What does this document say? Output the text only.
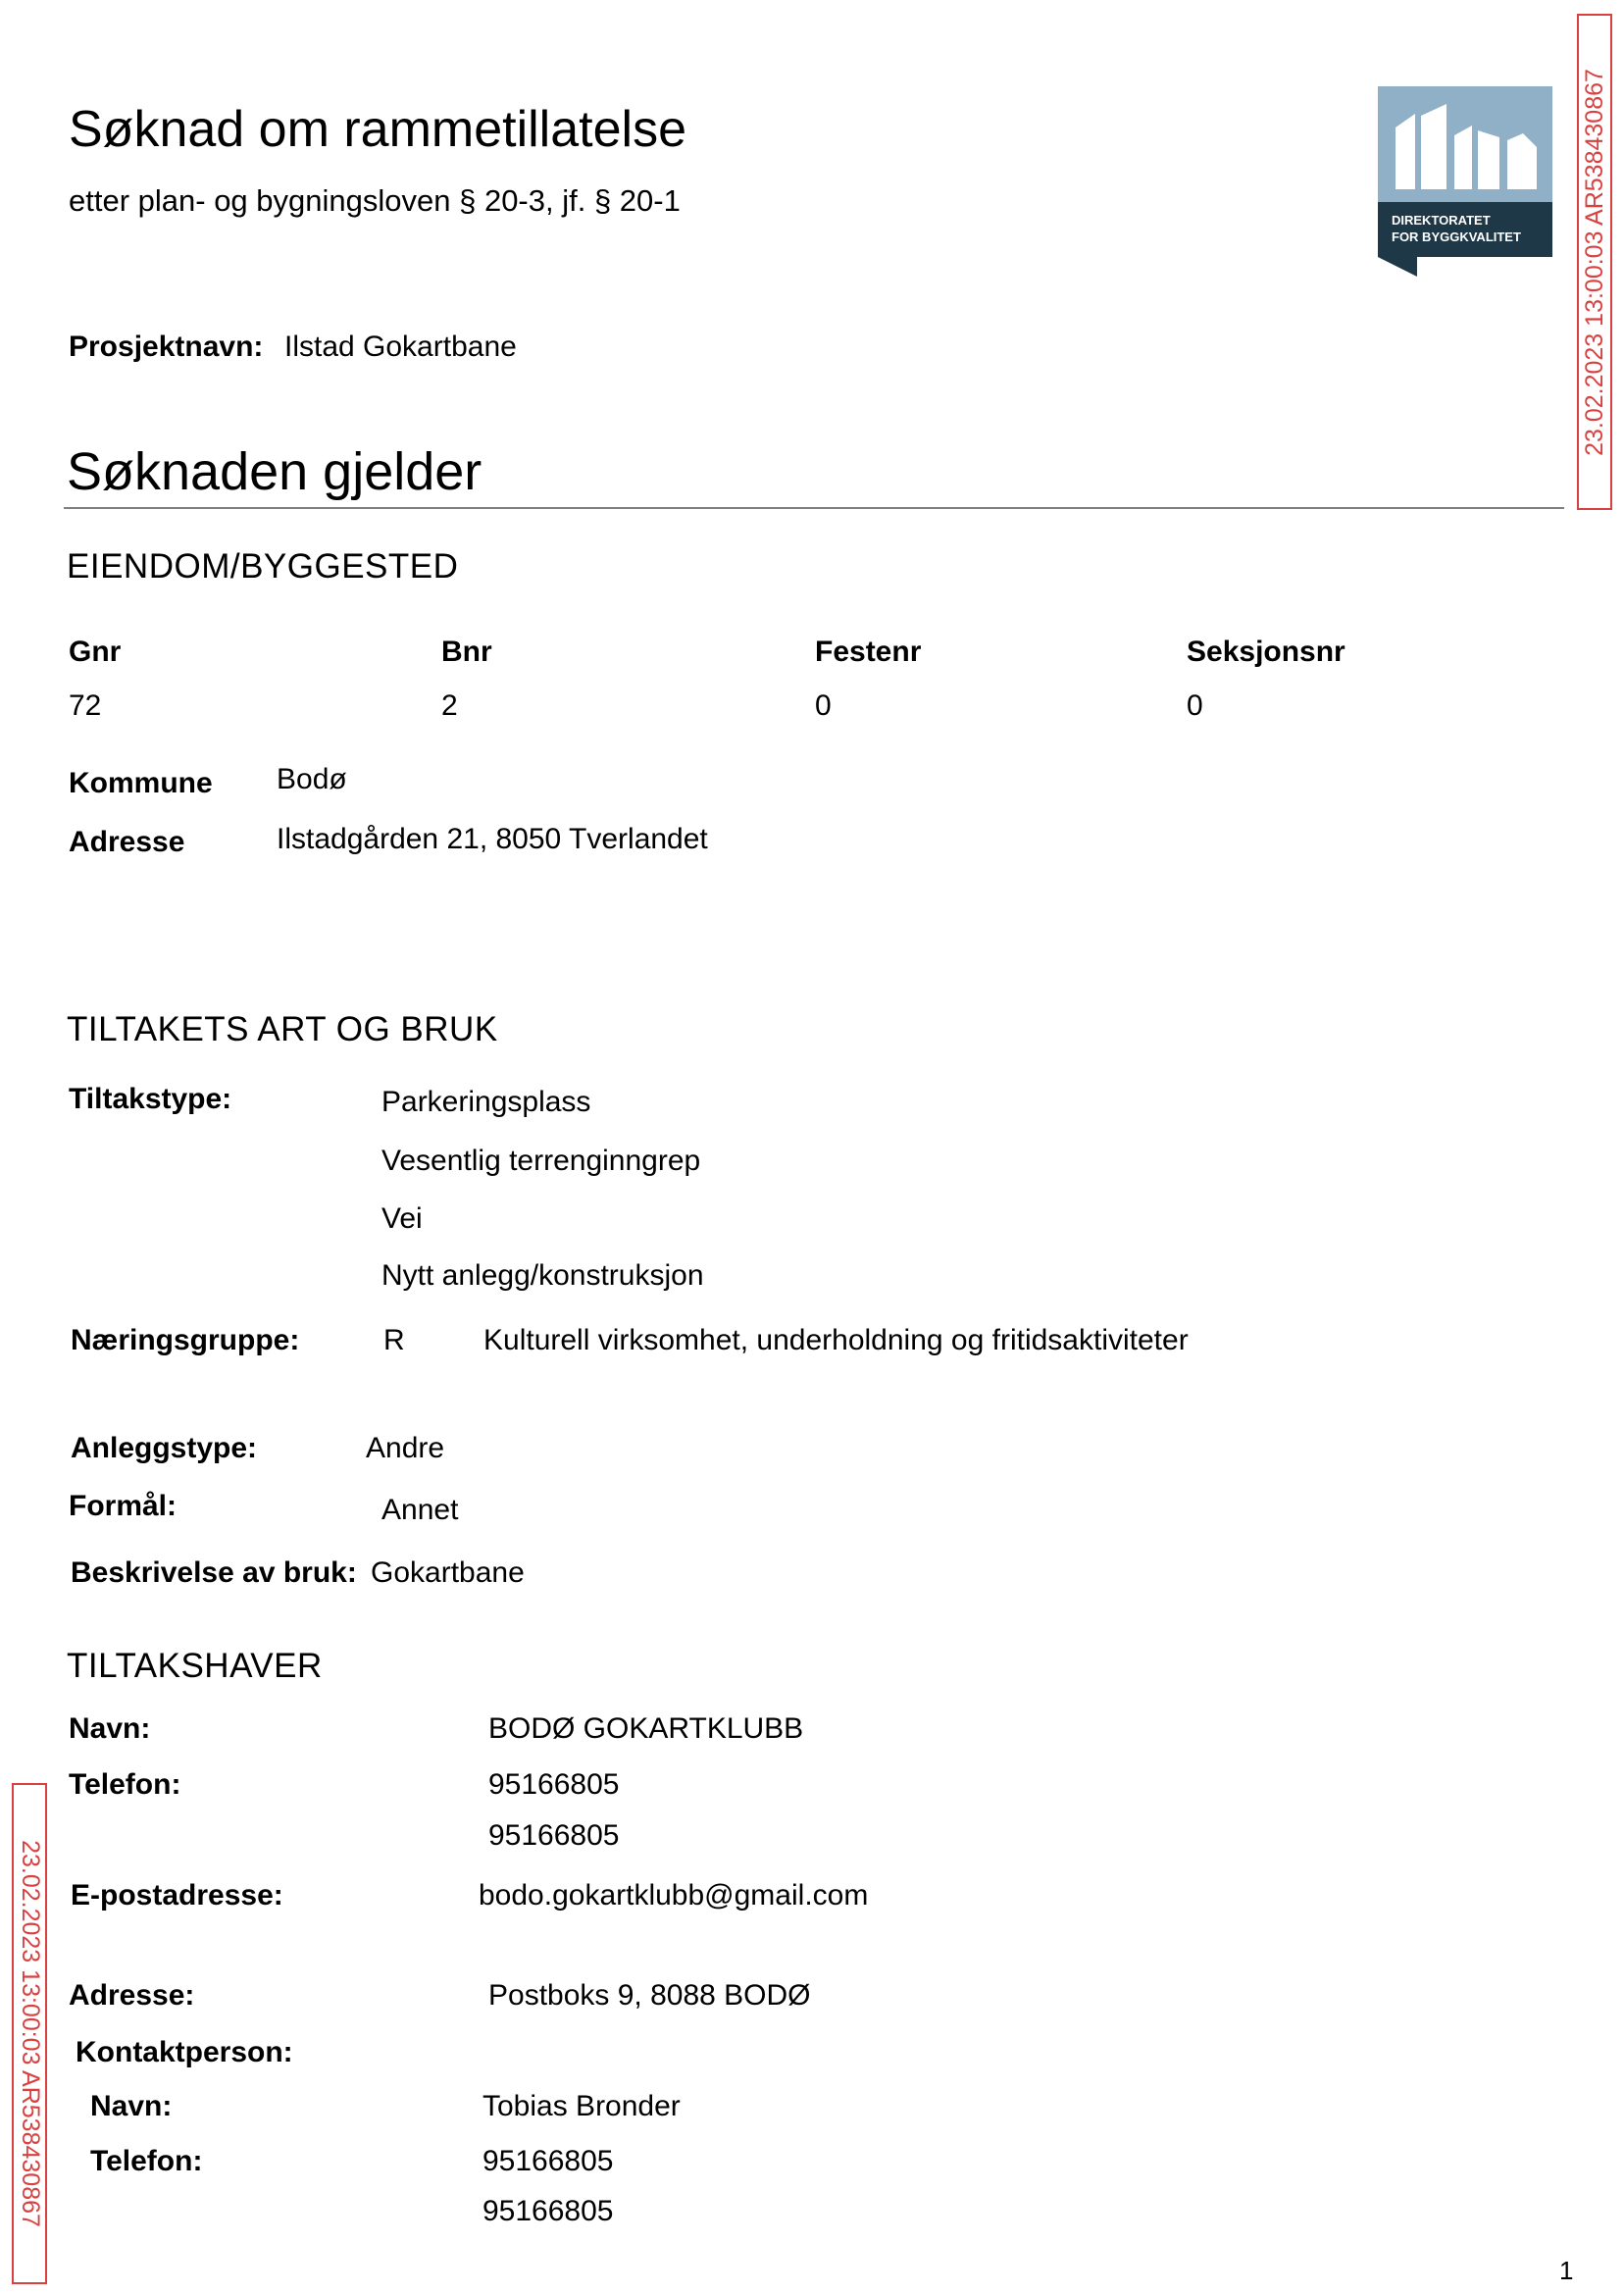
Søknad om rammetillatelse
etter plan- og bygningsloven § 20-3, jf. § 20-1
DIREKTORATET
FOR BYGGKVALITET
Prosjektnavn: Ilstad Gokartbane
Søknaden gjelder
EIENDOM/BYGGESTED
Gnr	Bnr	Festenr	Seksjonsnr
72	2	0	0
Kommune Bodø
Adresse	Ilstadgården 21, 8050 Tverlandet
TILTAKETS ART OG BRUK
Tiltakstype:	Parkeringsplass
Vesentlig terrenginngrep
Vei
Nytt anlegg/konstruksjon
Næringsgruppe:	R	Kulturell virksomhet, underholdning og fritidsaktiviteter
Anleggstype:	Andre
Formål:	Annet
Beskrivelse av bruk: Gokartbane
TILTAKSHAVER
Navn:	BODØ GOKARTKLUBB
Telefon:	95166805
95166805
E-postadresse:	bodo.gokartklubb@gmail.com
Adresse:	Postboks 9, 8088 BODØ
Kontaktperson:
Navn:	Tobias Bronder
Telefon:	95166805
95166805
23.02.2023 13:00:03 AR538430867
23.02.2023 13:00:03 AR538430867
1
